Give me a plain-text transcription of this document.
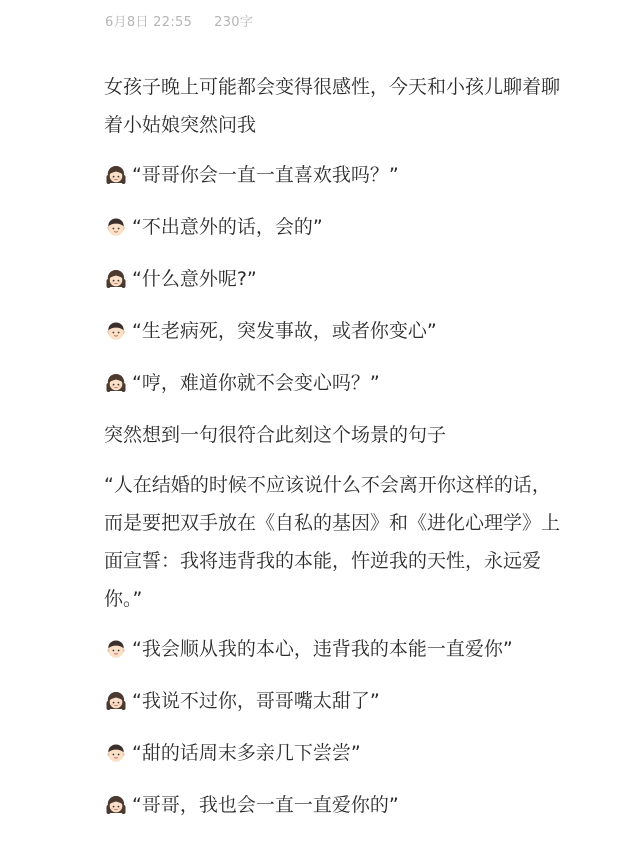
6月8日 22:55 230字

女孩子晚上可能都会变得很感性，今天和小孩儿聊着聊着小姑娘突然问我

“哥哥你会一直一直喜欢我吗？”
“不出意外的话，会的”
“什么意外呢?”
“生老病死，突发事故，或者你变心”
“哼，难道你就不会变心吗？”

突然想到一句很符合此刻这个场景的句子

“人在结婚的时候不应该说什么不会离开你这样的话，而是要把双手放在《自私的基因》和《进化心理学》上面宣誓：我将违背我的本能，忤逆我的天性，永远爱你。”

“我会顺从我的本心，违背我的本能一直爱你”
“我说不过你，哥哥嘴太甜了”
“甜的话周末多亲几下尝尝”
“哥哥，我也会一直一直爱你的”
